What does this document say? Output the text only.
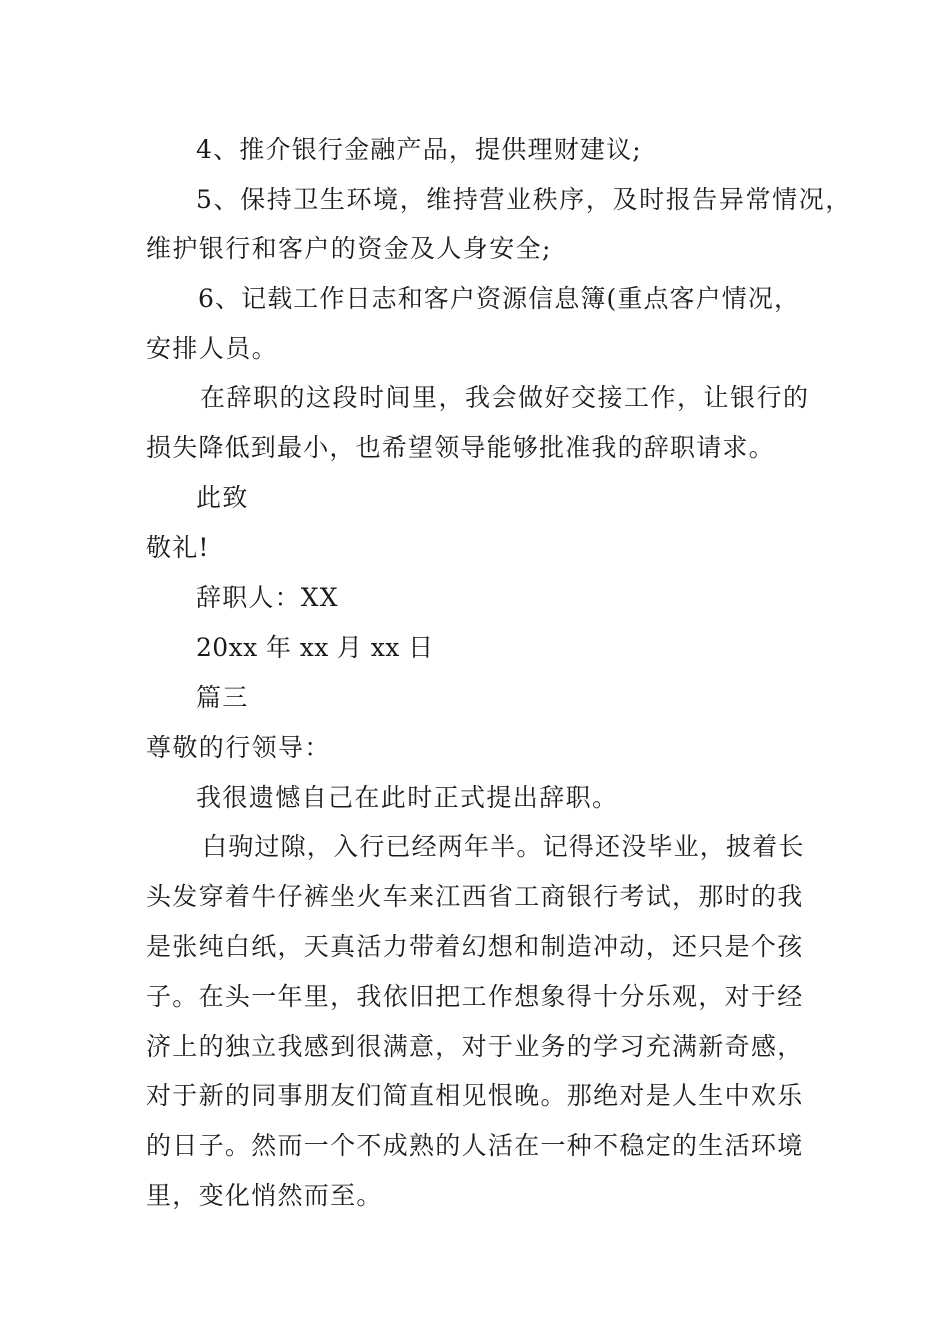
4、推介银行金融产品，提供理财建议;

5、保持卫生环境，维持营业秩序，及时报告异常情况，

维护银行和客户的资金及人身安全;

6、记载工作日志和客户资源信息簿(重点客户情况，

安排人员。

在辞职的这段时间里，我会做好交接工作，让银行的

损失降低到最小，也希望领导能够批准我的辞职请求。

此致

敬礼!

辞职人：XX

20xx 年 xx 月 xx 日

篇三

尊敬的行领导：

我很遗憾自己在此时正式提出辞职。

白驹过隙，入行已经两年半。记得还没毕业，披着长

头发穿着牛仔裤坐火车来江西省工商银行考试，那时的我

是张纯白纸，天真活力带着幻想和制造冲动，还只是个孩

子。在头一年里，我依旧把工作想象得十分乐观，对于经

济上的独立我感到很满意，对于业务的学习充满新奇感，

对于新的同事朋友们简直相见恨晚。那绝对是人生中欢乐

的日子。然而一个不成熟的人活在一种不稳定的生活环境

里，变化悄然而至。
